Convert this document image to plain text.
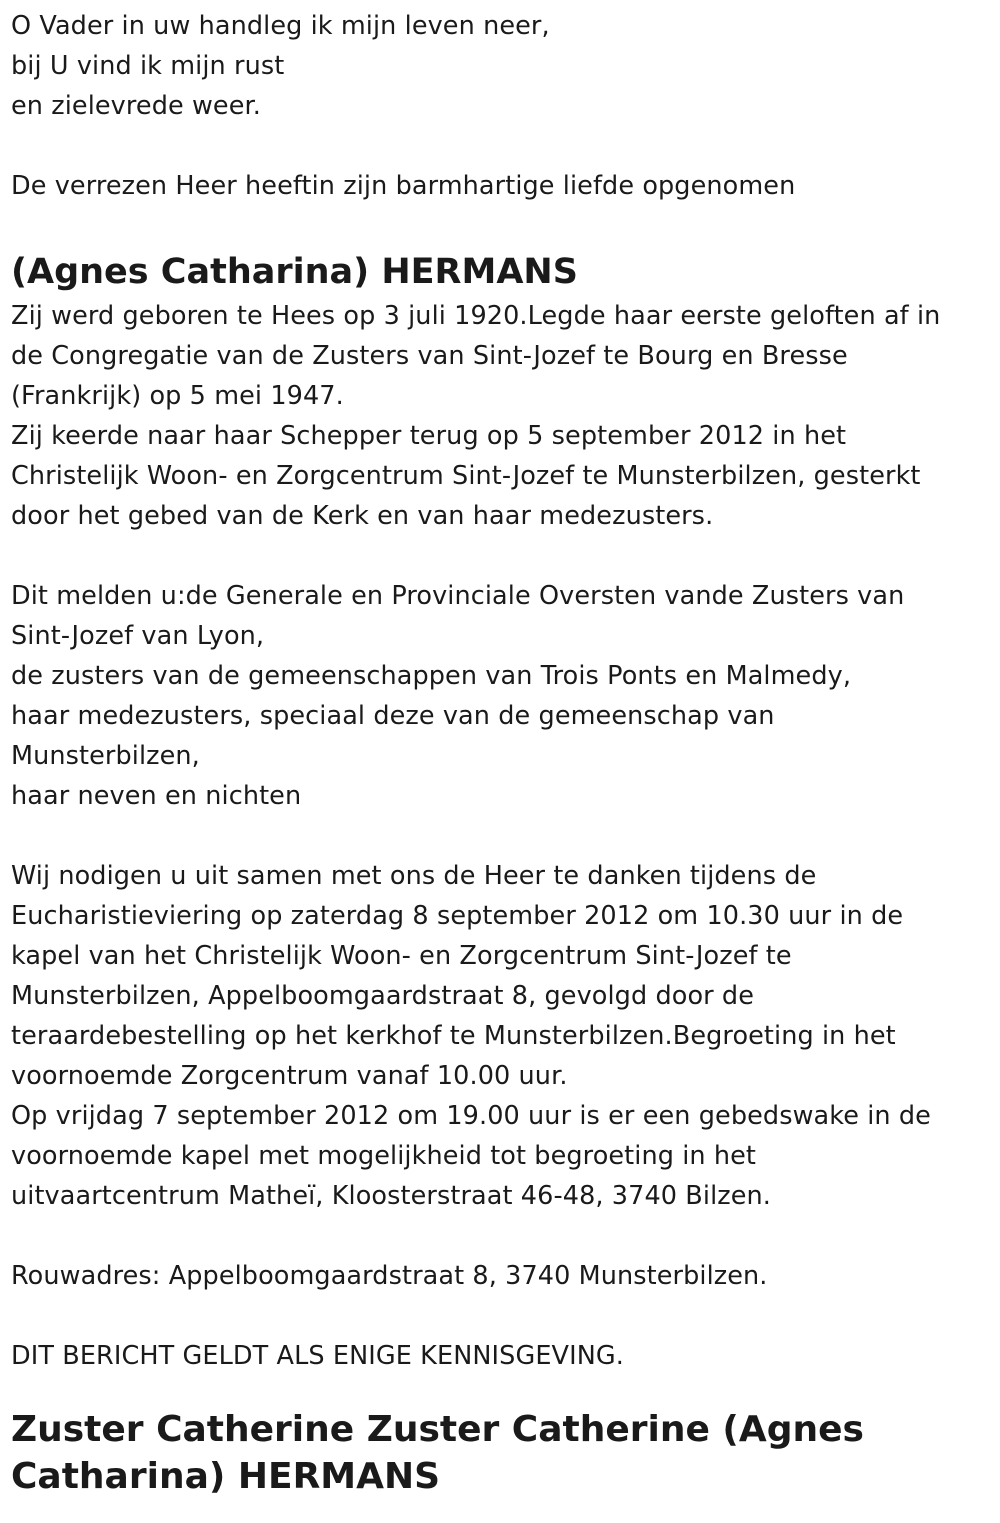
O Vader in uw handleg ik mijn leven neer,
bij U vind ik mijn rust
en zielevrede weer.
De verrezen Heer heeftin zijn barmhartige liefde opgenomen
(Agnes Catharina) HERMANS
Zij werd geboren te Hees op 3 juli 1920.Legde haar eerste geloften af in
de Congregatie van de Zusters van Sint-Jozef te Bourg en Bresse
(Frankrijk) op 5 mei 1947.
Zij keerde naar haar Schepper terug op 5 september 2012 in het
Christelijk Woon- en Zorgcentrum Sint-Jozef te Munsterbilzen, gesterkt
door het gebed van de Kerk en van haar medezusters.
Dit melden u:de Generale en Provinciale Oversten vande Zusters van
Sint-Jozef van Lyon,
de zusters van de gemeenschappen van Trois Ponts en Malmedy,
haar medezusters, speciaal deze van de gemeenschap van
Munsterbilzen,
haar neven en nichten
Wij nodigen u uit samen met ons de Heer te danken tijdens de
Eucharistieviering op zaterdag 8 september 2012 om 10.30 uur in de
kapel van het Christelijk Woon- en Zorgcentrum Sint-Jozef te
Munsterbilzen, Appelboomgaardstraat 8, gevolgd door de
teraardebestelling op het kerkhof te Munsterbilzen.Begroeting in het
voornoemde Zorgcentrum vanaf 10.00 uur.
Op vrijdag 7 september 2012 om 19.00 uur is er een gebedswake in de
voornoemde kapel met mogelijkheid tot begroeting in het
uitvaartcentrum Matheï, Kloosterstraat 46-48, 3740 Bilzen.
Rouwadres: Appelboomgaardstraat 8, 3740 Munsterbilzen.
DIT BERICHT GELDT ALS ENIGE KENNISGEVING.
Zuster Catherine Zuster Catherine (Agnes
Catharina) HERMANS
